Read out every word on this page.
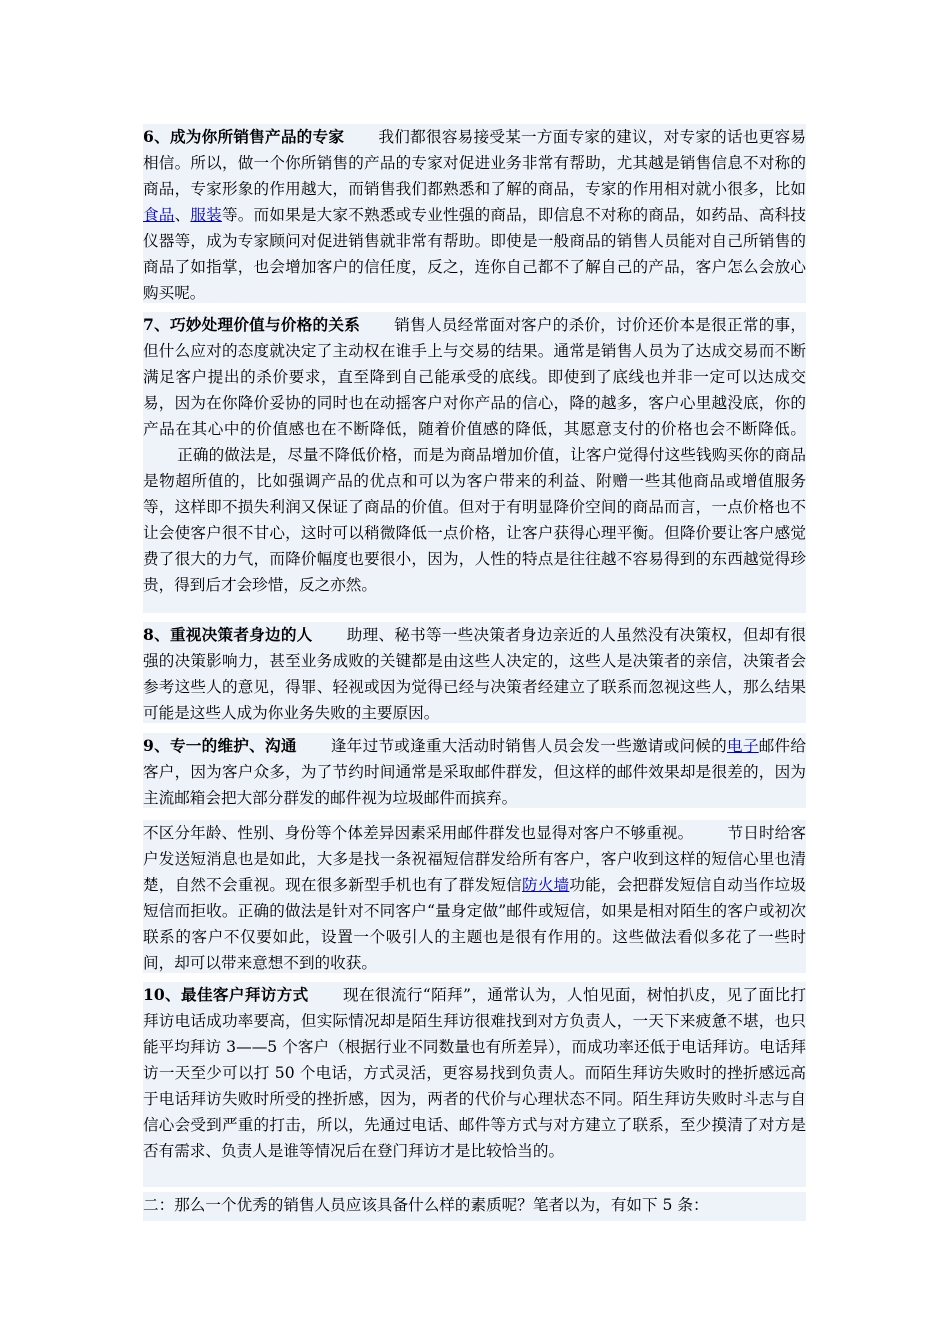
6、成为你所销售产品的专家 我们都很容易接受某一方面专家的建议，对专家的话也更容易相信。所以，做一个你所销售的产品的专家对促进业务非常有帮助，尤其越是销售信息不对称的商品，专家形象的作用越大，而销售我们都熟悉和了解的商品，专家的作用相对就小很多，比如食品、服装等。而如果是大家不熟悉或专业性强的商品，即信息不对称的商品，如药品、高科技仪器等，成为专家顾问对促进销售就非常有帮助。即使是一般商品的销售人员能对自己所销售的商品了如指掌，也会增加客户的信任度，反之，连你自己都不了解自己的产品，客户怎么会放心购买呢。

7、巧妙处理价值与价格的关系 销售人员经常面对客户的杀价，讨价还价本是很正常的事，但什么应对的态度就决定了主动权在谁手上与交易的结果。通常是销售人员为了达成交易而不断满足客户提出的杀价要求，直至降到自己能承受的底线。即使到了底线也并非一定可以达成交易，因为在你降价妥协的同时也在动摇客户对你产品的信心，降的越多，客户心里越没底，你的产品在其心中的价值感也在不断降低，随着价值感的降低，其愿意支付的价格也会不断降低。正确的做法是，尽量不降低价格，而是为商品增加价值，让客户觉得付这些钱购买你的商品是物超所值的，比如强调产品的优点和可以为客户带来的利益、附赠一些其他商品或增值服务等，这样即不损失利润又保证了商品的价值。但对于有明显降价空间的商品而言，一点价格也不让会使客户很不甘心，这时可以稍微降低一点价格，让客户获得心理平衡。但降价要让客户感觉费了很大的力气，而降价幅度也要很小，因为，人性的特点是往往越不容易得到的东西越觉得珍贵，得到后才会珍惜，反之亦然。

8、重视决策者身边的人 助理、秘书等一些决策者身边亲近的人虽然没有决策权，但却有很强的决策影响力，甚至业务成败的关键都是由这些人决定的，这些人是决策者的亲信，决策者会参考这些人的意见，得罪、轻视或因为觉得已经与决策者经建立了联系而忽视这些人，那么结果可能是这些人成为你业务失败的主要原因。

9、专一的维护、沟通 逢年过节或逢重大活动时销售人员会发一些邀请或问候的电子邮件给客户，因为客户众多，为了节约时间通常是采取邮件群发，但这样的邮件效果却是很差的，因为主流邮箱会把大部分群发的邮件视为垃圾邮件而摈弃。

不区分年龄、性别、身份等个体差异因素采用邮件群发也显得对客户不够重视。 节日时给客户发送短消息也是如此，大多是找一条祝福短信群发给所有客户，客户收到这样的短信心里也清楚，自然不会重视。现在很多新型手机也有了群发短信防火墙功能，会把群发短信自动当作垃圾短信而拒收。正确的做法是针对不同客户“量身定做”邮件或短信，如果是相对陌生的客户或初次联系的客户不仅要如此，设置一个吸引人的主题也是很有作用的。这些做法看似多花了一些时间，却可以带来意想不到的收获。

10、最佳客户拜访方式 现在很流行“陌拜”，通常认为，人怕见面，树怕扒皮，见了面比打拜访电话成功率要高，但实际情况却是陌生拜访很难找到对方负责人，一天下来疲惫不堪，也只能平均拜访 3——5 个客户（根据行业不同数量也有所差异），而成功率还低于电话拜访。电话拜访一天至少可以打 50 个电话，方式灵活，更容易找到负责人。而陌生拜访失败时的挫折感远高于电话拜访失败时所受的挫折感，因为，两者的代价与心理状态不同。陌生拜访失败时斗志与自信心会受到严重的打击，所以，先通过电话、邮件等方式与对方建立了联系，至少摸清了对方是否有需求、负责人是谁等情况后在登门拜访才是比较恰当的。

二：那么一个优秀的销售人员应该具备什么样的素质呢？笔者以为，有如下 5 条：
